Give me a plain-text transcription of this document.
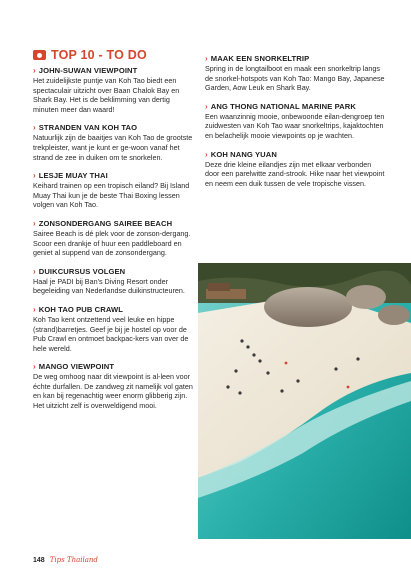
TOP 10 - TO DO
› JOHN-SUWAN VIEWPOINT
Het zuidelijkste puntje van Koh Tao biedt een spectaculair uitzicht over Baan Chalok Bay en Shark Bay. Het is de beklimming van dertig minuten meer dan waard!
› STRANDEN VAN KOH TAO
Natuurlijk zijn de baaitjes van Koh Tao de grootste trekpleister, want je kunt er ge-woon vanaf het strand de zee in duiken om te snorkelen.
› LESJE MUAY THAI
Keihard trainen op een tropisch eiland? Bij Island Muay Thai kun je de beste Thai Boxing lessen volgen van Koh Tao.
› ZONSONDERGANG SAIREE BEACH
Sairee Beach is dé plek voor de zonson-dergang. Scoor een drankje of huur een paddleboard en geniet al suppend van de zonsondergang.
› DUIKCURSUS VOLGEN
Haal je PADI bij Ban's Diving Resort onder begeleiding van Nederlandse duikinstructeuren.
› KOH TAO PUB CRAWL
Koh Tao kent ontzettend veel leuke en hippe (strand)barretjes. Geef je bij je hostel op voor de Pub Crawl en ontmoet backpac-kers van over de hele wereld.
› MANGO VIEWPOINT
De weg omhoog naar dit viewpoint is al-leen voor échte durfallen. De zandweg zit namelijk vol gaten en kan bij regenachtig weer enorm glibberig zijn. Het uitzicht zelf is overweldigend mooi.
› MAAK EEN SNORKELTRIP
Spring in de longtailboot en maak een snorkeltrip langs de snorkel-hotspots van Koh Tao: Mango Bay, Japanese Garden, Aow Leuk en Shark Bay.
› ANG THONG NATIONAL MARINE PARK
Een waanzinnig mooie, onbewoonde eilan-dengroep ten zuidwesten van Koh Tao waar snorkeltrips, kajaktochten en belachelijk mooie viewpoints op je wachten.
› KOH NANG YUAN
Deze drie kleine eilandjes zijn met elkaar verbonden door een parelwitte zand-strook. Hike naar het viewpoint en neem een duik tussen de vele tropische vissen.
148 Tips Thailand
